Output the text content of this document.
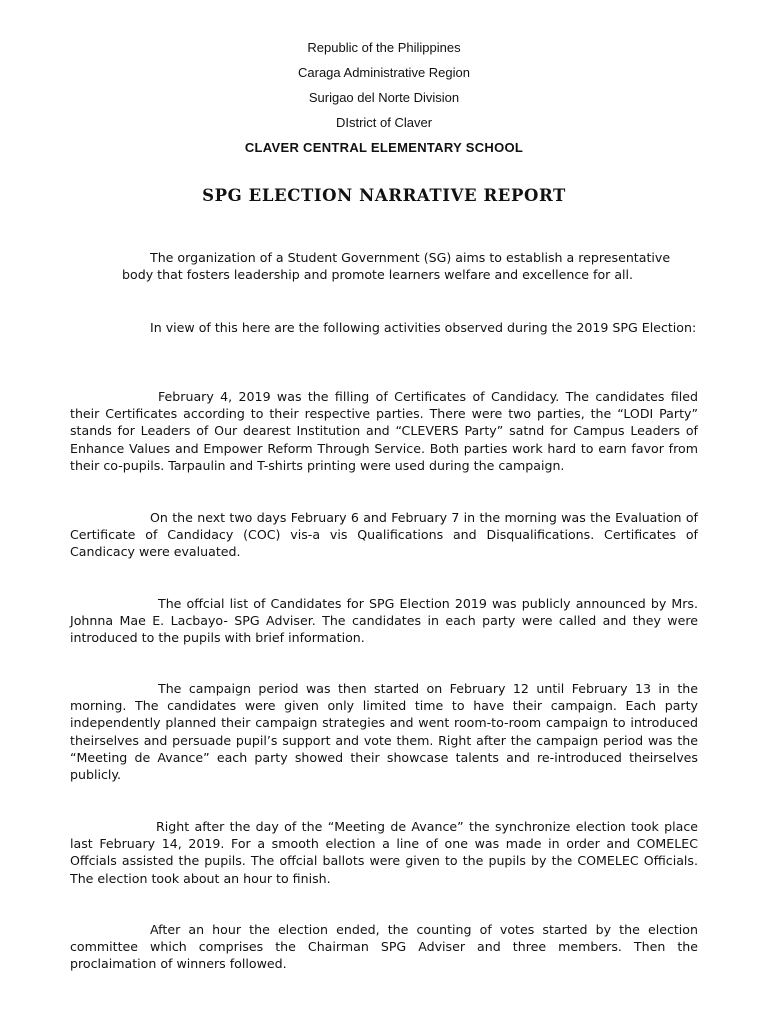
Republic of the Philippines
Caraga Administrative Region
Surigao del Norte Division
DIstrict of Claver
CLAVER CENTRAL ELEMENTARY SCHOOL
SPG ELECTION NARRATIVE REPORT

The organization of a Student Government (SG) aims to establish a representative body that fosters leadership and promote learners welfare and excellence for all.

In view of this here are the following activities observed during the 2019 SPG Election:

February 4, 2019 was the filling of Certificates of Candidacy. The candidates filed their Certificates according to their respective parties. There were two parties, the “LODI Party” stands for Leaders of Our dearest Institution and “CLEVERS Party” satnd for Campus Leaders of Enhance Values and Empower Reform Through Service. Both parties work hard to earn favor from their co-pupils. Tarpaulin and T-shirts printing were used during the campaign.

On the next two days February 6 and February 7 in the morning was the Evaluation of Certificate of Candidacy (COC) vis-a vis Qualifications and Disqualifications. Certificates of Candicacy were evaluated.

The offcial list of Candidates for SPG Election 2019 was publicly announced by Mrs. Johnna Mae E. Lacbayo- SPG Adviser. The candidates in each party were called and they were introduced to the pupils with brief information.

The campaign period was then started on February 12 until February 13 in the morning. The candidates were given only limited time to have their campaign. Each party independently planned their campaign strategies and went room-to-room campaign to introduced theirselves and persuade pupil’s support and vote them. Right after the campaign period was the “Meeting de Avance” each party showed their showcase talents and re-introduced theirselves publicly.

Right after the day of the “Meeting de Avance” the synchronize election took place last February 14, 2019. For a smooth election a line of one was made in order and COMELEC Offcials assisted the pupils. The offcial ballots were given to the pupils by the COMELEC Officials. The election took about an hour to finish.

After an hour the election ended, the counting of votes started by the election committee which comprises the Chairman SPG Adviser and three members. Then the proclaimation of winners followed.
